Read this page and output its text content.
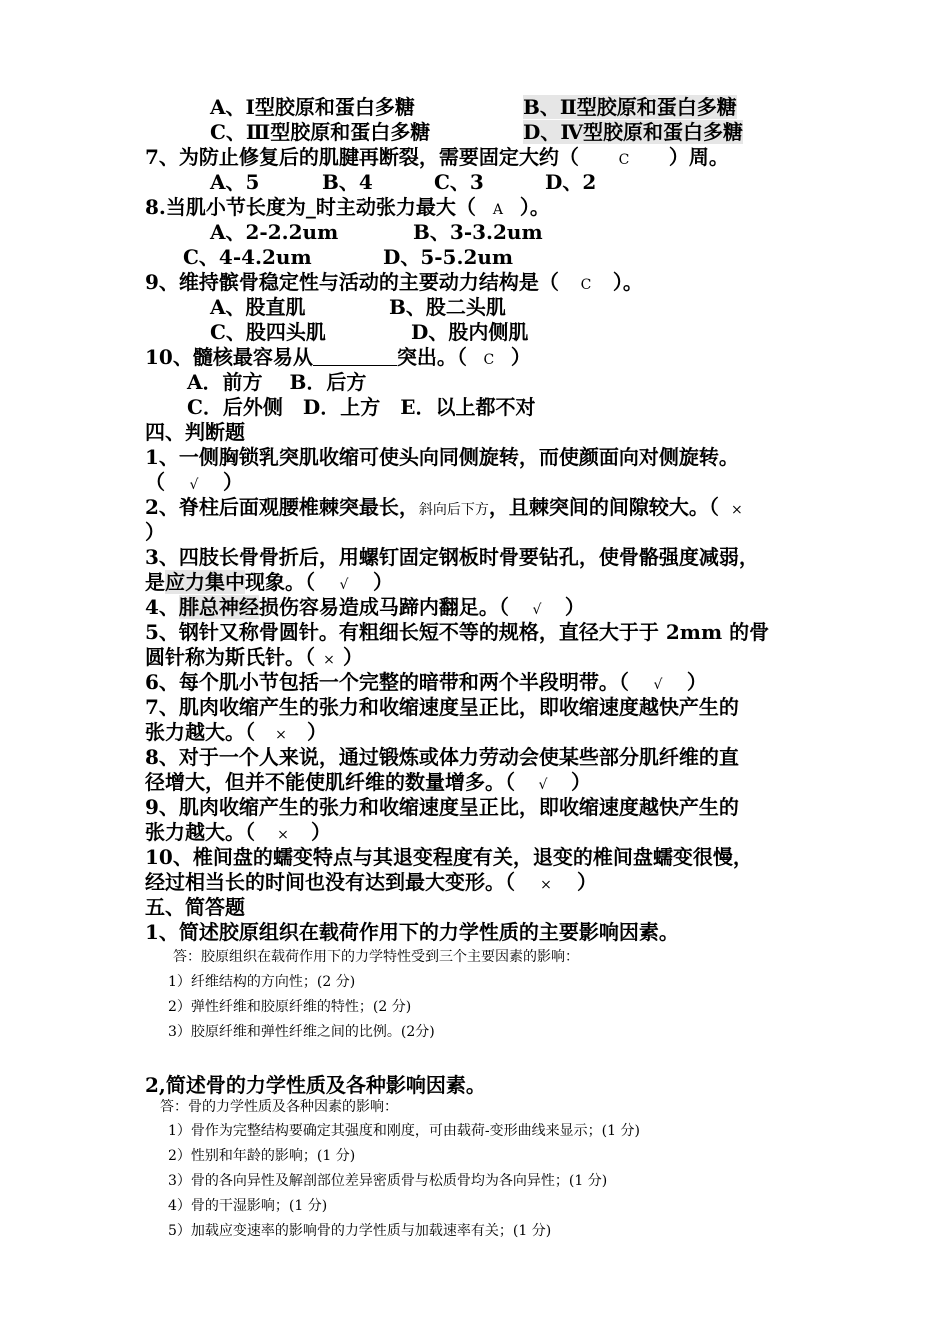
A、Ⅰ型胶原和蛋白多糖	B、Ⅱ型胶原和蛋白多糖
C、Ⅲ型胶原和蛋白多糖	D、Ⅳ型胶原和蛋白多糖
7、为防止修复后的肌腱再断裂，需要固定大约（	C ）周。
A、5	B、4	C、3	D、2
8.当肌小节长度为_时主动张力最大（ A ）。
A、2-2.2um	B、3-3.2um
C、4-4.2um	D、5-5.2um
9、维持髌骨稳定性与活动的主要动力结构是（ C ）。
A、股直肌	B、股二头肌
C、股四头肌	D、股内侧肌
10、髓核最容易从	突出。（ C ）
A．前方　 B．后方
C．后外侧　D．上方　E．以上都不对
四、判断题
1、一侧胸锁乳突肌收缩可使头向同侧旋转，而使颜面向对侧旋转。
（ √ ）
2、脊柱后面观腰椎棘突最长，斜向后下方，且棘突间的间隙较大。（ ×
）
3、四肢长骨骨折后，用螺钉固定钢板时骨要钻孔，使骨骼强度减弱，
是应力集中现象。（ √ ）
4、腓总神经损伤容易造成马蹄内翻足。（ √ ）
5、钢针又称骨圆针。有粗细长短不等的规格，直径大于于 2mm 的骨
圆针称为斯氏针。（ × ）
6、每个肌小节包括一个完整的暗带和两个半段明带。（ √ ）
7、肌肉收缩产生的张力和收缩速度呈正比，即收缩速度越快产生的
张力越大。（ × ）
8、对于一个人来说，通过锻炼或体力劳动会使某些部分肌纤维的直
径增大，但并不能使肌纤维的数量增多。（ √ ）
9、肌肉收缩产生的张力和收缩速度呈正比，即收缩速度越快产生的
张力越大。（ × ）
10、椎间盘的蠕变特点与其退变程度有关，退变的椎间盘蠕变很慢，
经过相当长的时间也没有达到最大变形。（ × ）
五、简答题
1、简述胶原组织在载荷作用下的力学性质的主要影响因素。
答：胶原组织在载荷作用下的力学特性受到三个主要因素的影响：
1）纤维结构的方向性；(2 分)
2）弹性纤维和胶原纤维的特性；(2 分)
3）胶原纤维和弹性纤维之间的比例。(2分)
2,简述骨的力学性质及各种影响因素。
答：骨的力学性质及各种因素的影响：
1）骨作为完整结构要确定其强度和刚度，可由载荷-变形曲线来显示；(1 分)
2）性别和年龄的影响；(1 分)
3）骨的各向异性及解剖部位差异密质骨与松质骨均为各向异性；(1 分)
4）骨的干湿影响；(1 分)
5）加载应变速率的影响骨的力学性质与加载速率有关；(1 分)
